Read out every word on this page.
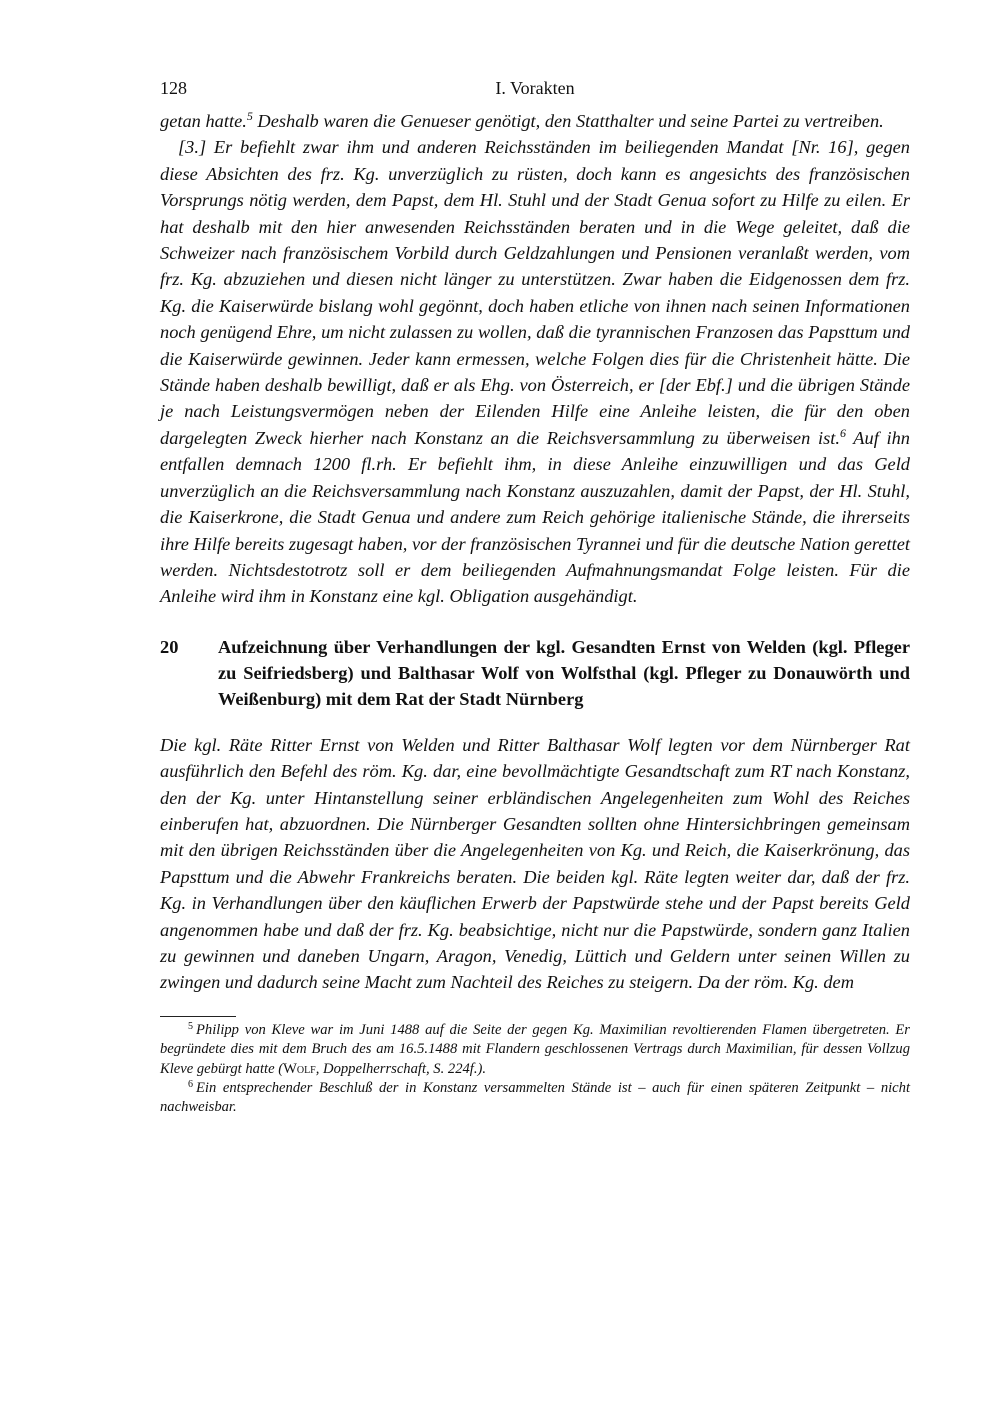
128	I. Vorakten

getan hatte.$^5$ Deshalb waren die Genueser genötigt, den Statthalter und seine Partei zu vertreiben.

[3.] Er befiehlt zwar ihm und anderen Reichsständen im beiliegenden Mandat [Nr. 16], gegen diese Absichten des frz. Kg. unverzüglich zu rüsten, doch kann es angesichts des französischen Vorsprungs nötig werden, dem Papst, dem Hl. Stuhl und der Stadt Genua sofort zu Hilfe zu eilen. Er hat deshalb mit den hier anwesenden Reichsständen beraten und in die Wege geleitet, daß die Schweizer nach französischem Vorbild durch Geldzahlungen und Pensionen veranlaßt werden, vom frz. Kg. abzuziehen und diesen nicht länger zu unterstützen. Zwar haben die Eidgenossen dem frz. Kg. die Kaiserwürde bislang wohl gegönnt, doch haben etliche von ihnen nach seinen Informationen noch genügend Ehre, um nicht zulassen zu wollen, daß die tyrannischen Franzosen das Papsttum und die Kaiserwürde gewinnen. Jeder kann ermessen, welche Folgen dies für die Christenheit hätte. Die Stände haben deshalb bewilligt, daß er als Ehg. von Österreich, er [der Ebf.] und die übrigen Stände je nach Leistungsvermögen neben der Eilenden Hilfe eine Anleihe leisten, die für den oben dargelegten Zweck hierher nach Konstanz an die Reichsversammlung zu überweisen ist.$^6$ Auf ihn entfallen demnach 1200 fl.rh. Er befiehlt ihm, in diese Anleihe einzuwilligen und das Geld unverzüglich an die Reichsversammlung nach Konstanz auszuzahlen, damit der Papst, der Hl. Stuhl, die Kaiserkrone, die Stadt Genua und andere zum Reich gehörige italienische Stände, die ihrerseits ihre Hilfe bereits zugesagt haben, vor der französischen Tyrannei und für die deutsche Nation gerettet werden. Nichtsdestotrotz soll er dem beiliegenden Aufmahnungsmandat Folge leisten. Für die Anleihe wird ihm in Konstanz eine kgl. Obligation ausgehändigt.

20	Aufzeichnung über Verhandlungen der kgl. Gesandten Ernst von Welden (kgl. Pfleger zu Seifriedsberg) und Balthasar Wolf von Wolfsthal (kgl. Pfleger zu Donauwörth und Weißenburg) mit dem Rat der Stadt Nürnberg

Die kgl. Räte Ritter Ernst von Welden und Ritter Balthasar Wolf legten vor dem Nürnberger Rat ausführlich den Befehl des röm. Kg. dar, eine bevollmächtigte Gesandtschaft zum RT nach Konstanz, den der Kg. unter Hintanstellung seiner erbländischen Angelegenheiten zum Wohl des Reiches einberufen hat, abzuordnen. Die Nürnberger Gesandten sollten ohne Hintersichbringen gemeinsam mit den übrigen Reichsständen über die Angelegenheiten von Kg. und Reich, die Kaiserkrönung, das Papsttum und die Abwehr Frankreichs beraten. Die beiden kgl. Räte legten weiter dar, daß der frz. Kg. in Verhandlungen über den käuflichen Erwerb der Papstwürde stehe und der Papst bereits Geld angenommen habe und daß der frz. Kg. beabsichtige, nicht nur die Papstwürde, sondern ganz Italien zu gewinnen und daneben Ungarn, Aragon, Venedig, Lüttich und Geldern unter seinen Willen zu zwingen und dadurch seine Macht zum Nachteil des Reiches zu steigern. Da der röm. Kg. dem

$^5$ Philipp von Kleve war im Juni 1488 auf die Seite der gegen Kg. Maximilian revoltierenden Flamen übergetreten. Er begründete dies mit dem Bruch des am 16.5.1488 mit Flandern geschlossenen Vertrags durch Maximilian, für dessen Vollzug Kleve gebürgt hatte (Wolf, Doppelherrschaft, S. 224f.).

$^6$ Ein entsprechender Beschluß der in Konstanz versammelten Stände ist – auch für einen späteren Zeitpunkt – nicht nachweisbar.
